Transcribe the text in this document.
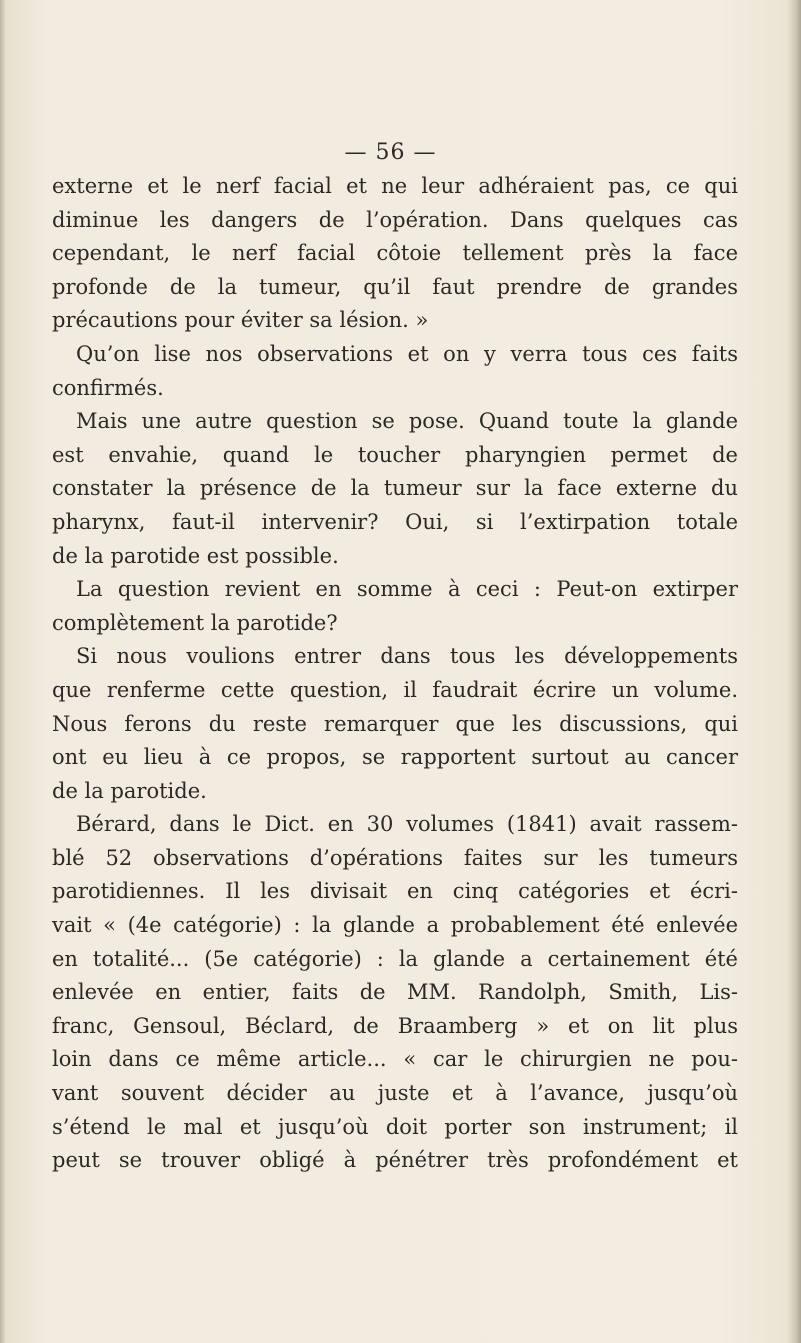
— 56 —
externe et le nerf facial et ne leur adhéraient pas, ce qui
diminue les dangers de l’opération. Dans quelques cas
cependant, le nerf facial côtoie tellement près la face
profonde de la tumeur, qu’il faut prendre de grandes
précautions pour éviter sa lésion. »
Qu’on lise nos observations et on y verra tous ces faits
confirmés.
Mais une autre question se pose. Quand toute la glande
est envahie, quand le toucher pharyngien permet de
constater la présence de la tumeur sur la face externe du
pharynx, faut-il intervenir? Oui, si l’extirpation totale
de la parotide est possible.
La question revient en somme à ceci : Peut-on extirper
complètement la parotide?
Si nous voulions entrer dans tous les développements
que renferme cette question, il faudrait écrire un volume.
Nous ferons du reste remarquer que les discussions, qui
ont eu lieu à ce propos, se rapportent surtout au cancer
de la parotide.
Bérard, dans le Dict. en 30 volumes (1841) avait rassem-
blé 52 observations d’opérations faites sur les tumeurs
parotidiennes. Il les divisait en cinq catégories et écri-
vait « (4e catégorie) : la glande a probablement été enlevée
en totalité... (5e catégorie) : la glande a certainement été
enlevée en entier, faits de MM. Randolph, Smith, Lis-
franc, Gensoul, Béclard, de Braamberg » et on lit plus
loin dans ce même article... « car le chirurgien ne pou-
vant souvent décider au juste et à l’avance, jusqu’où
s’étend le mal et jusqu’où doit porter son instrument; il
peut se trouver obligé à pénétrer très profondément et
